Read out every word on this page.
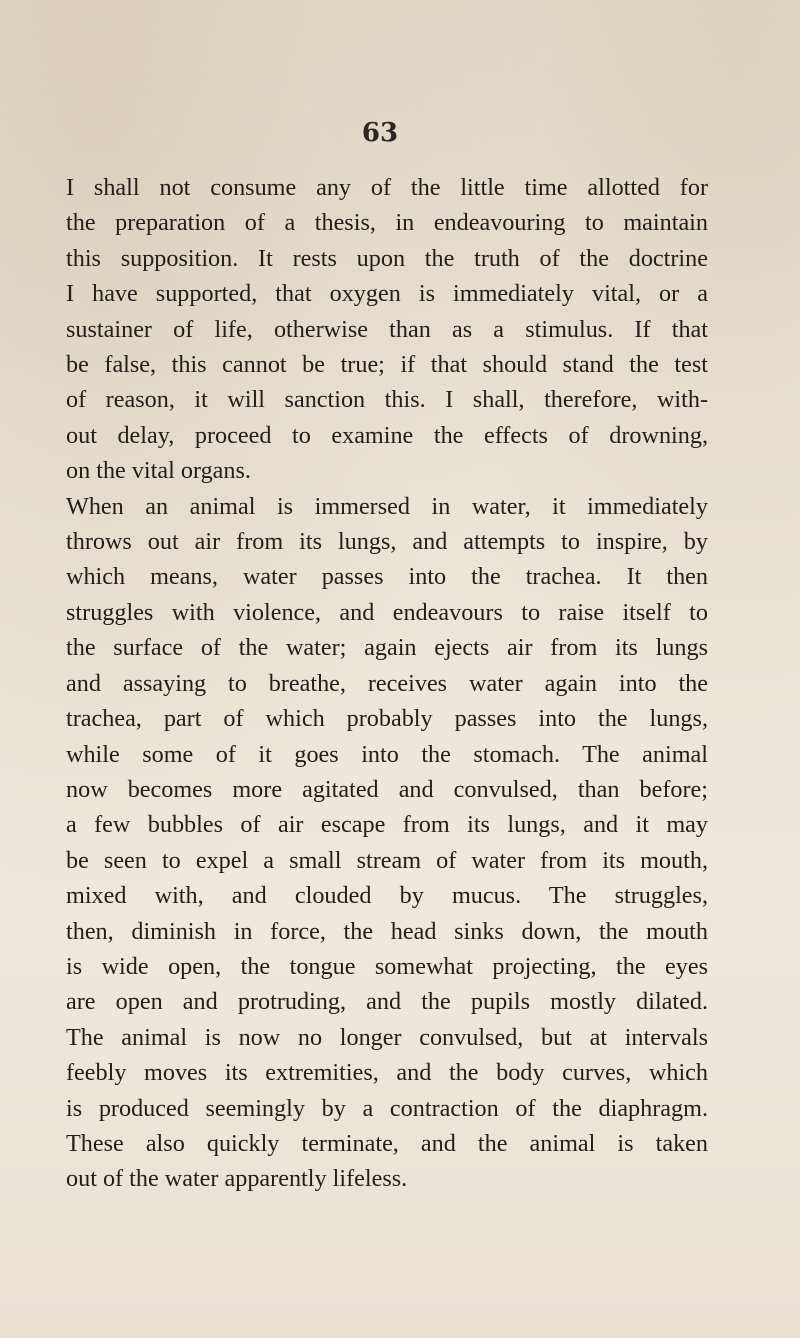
63
I shall not consume any of the little time allotted for
the preparation of a thesis, in endeavouring to maintain
this supposition. It rests upon the truth of the doctrine
I have supported, that oxygen is immediately vital, or a
sustainer of life, otherwise than as a stimulus. If that
be false, this cannot be true; if that should stand the test
of reason, it will sanction this. I shall, therefore, with-
out delay, proceed to examine the effects of drowning,
on the vital organs.
When an animal is immersed in water, it immediately
throws out air from its lungs, and attempts to inspire, by
which means, water passes into the trachea. It then
struggles with violence, and endeavours to raise itself to
the surface of the water; again ejects air from its lungs
and assaying to breathe, receives water again into the
trachea, part of which probably passes into the lungs,
while some of it goes into the stomach. The animal
now becomes more agitated and convulsed, than before;
a few bubbles of air escape from its lungs, and it may
be seen to expel a small stream of water from its mouth,
mixed with, and clouded by mucus. The struggles,
then, diminish in force, the head sinks down, the mouth
is wide open, the tongue somewhat projecting, the eyes
are open and protruding, and the pupils mostly dilated.
The animal is now no longer convulsed, but at intervals
feebly moves its extremities, and the body curves, which
is produced seemingly by a contraction of the diaphragm.
These also quickly terminate, and the animal is taken
out of the water apparently lifeless.
